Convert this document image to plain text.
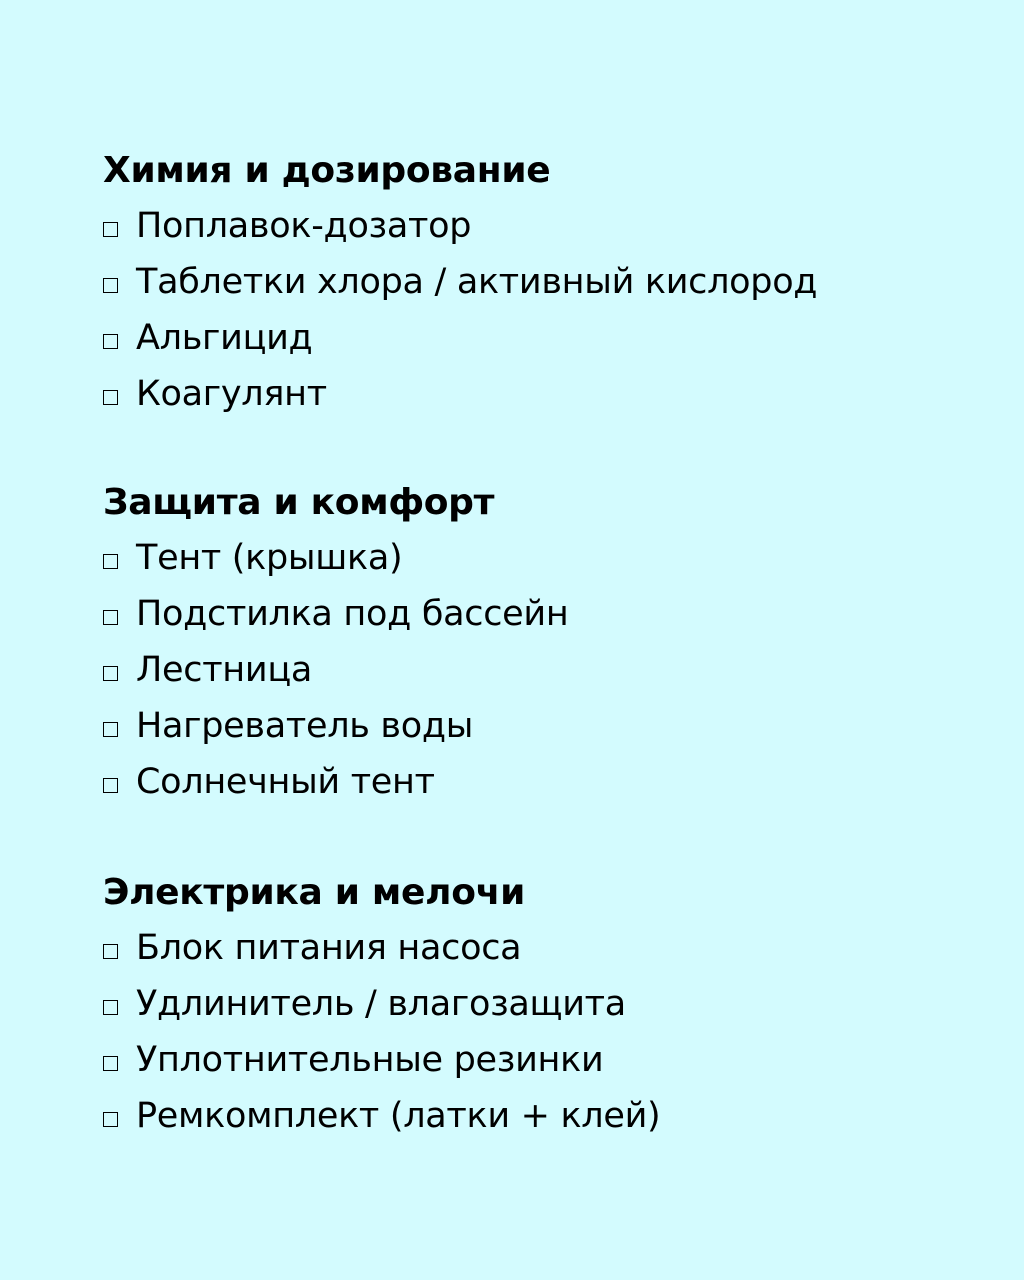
Химия и дозирование
Поплавок-дозатор
Таблетки хлора / активный кислород
Альгицид
Коагулянт
Защита и комфорт
Тент (крышка)
Подстилка под бассейн
Лестница
Нагреватель воды
Солнечный тент
Электрика и мелочи
Блок питания насоса
Удлинитель / влагозащита
Уплотнительные резинки
Ремкомплект (латки + клей)
